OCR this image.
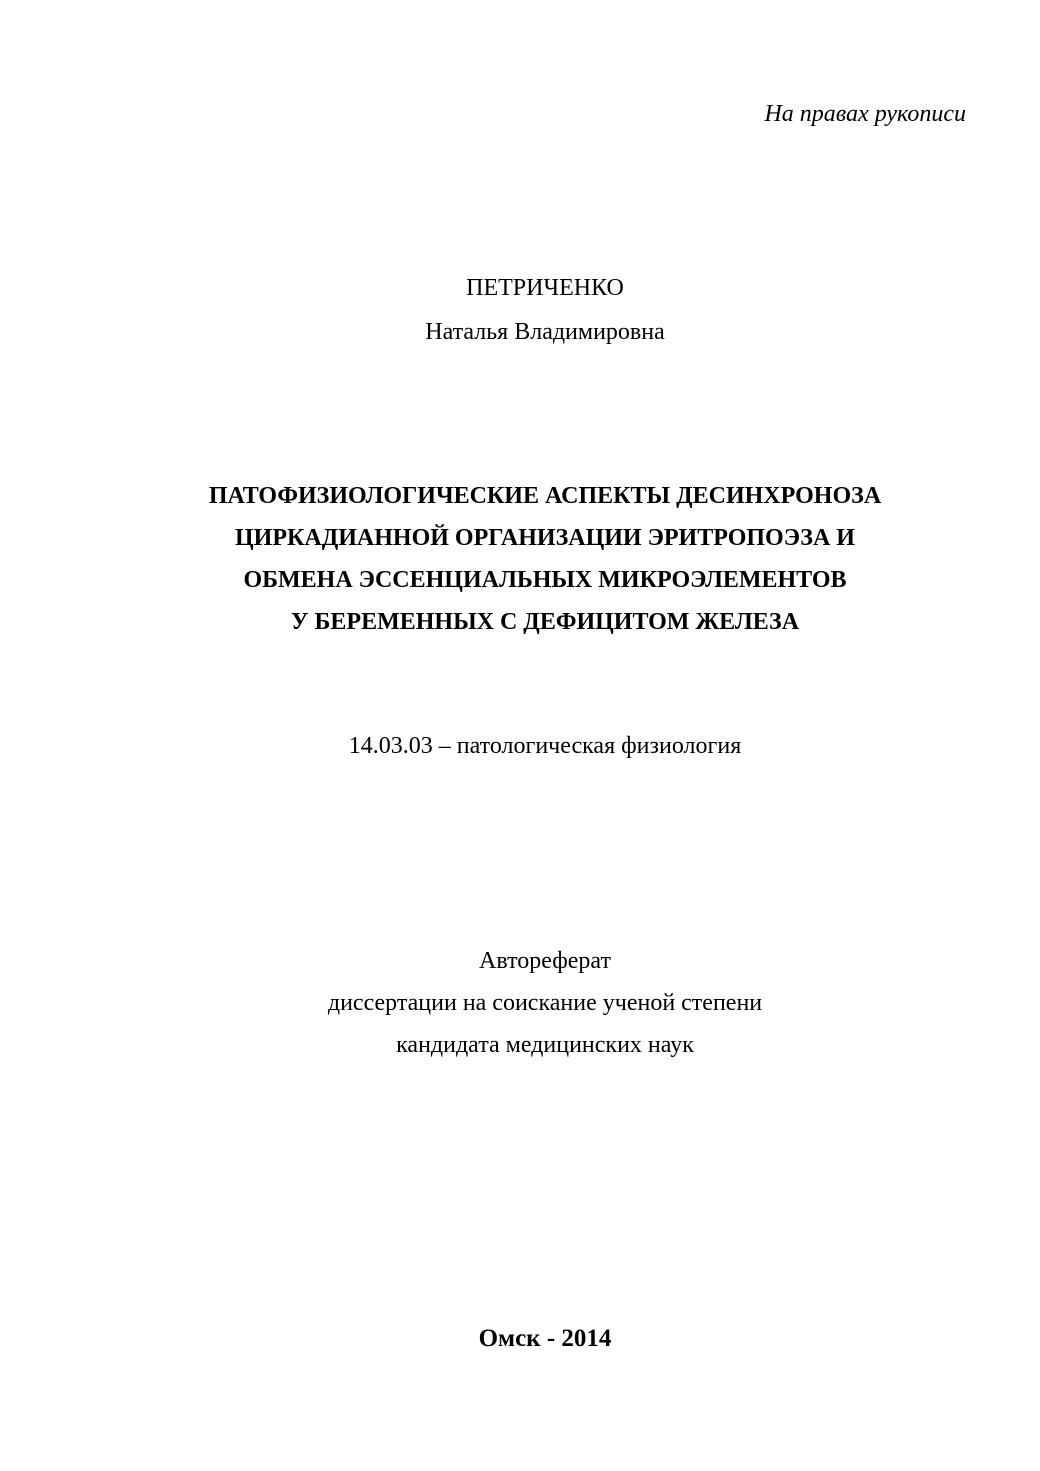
На правах рукописи
ПЕТРИЧЕНКО
Наталья Владимировна
ПАТОФИЗИОЛОГИЧЕСКИЕ АСПЕКТЫ ДЕСИНХРОНОЗА
ЦИРКАДИАННОЙ ОРГАНИЗАЦИИ ЭРИТРОПОЭЗА И
ОБМЕНА ЭССЕНЦИАЛЬНЫХ МИКРОЭЛЕМЕНТОВ
У БЕРЕМЕННЫХ С ДЕФИЦИТОМ ЖЕЛЕЗА
14.03.03 – патологическая физиология
Автореферат
диссертации на соискание ученой степени
кандидата медицинских наук
Омск - 2014
